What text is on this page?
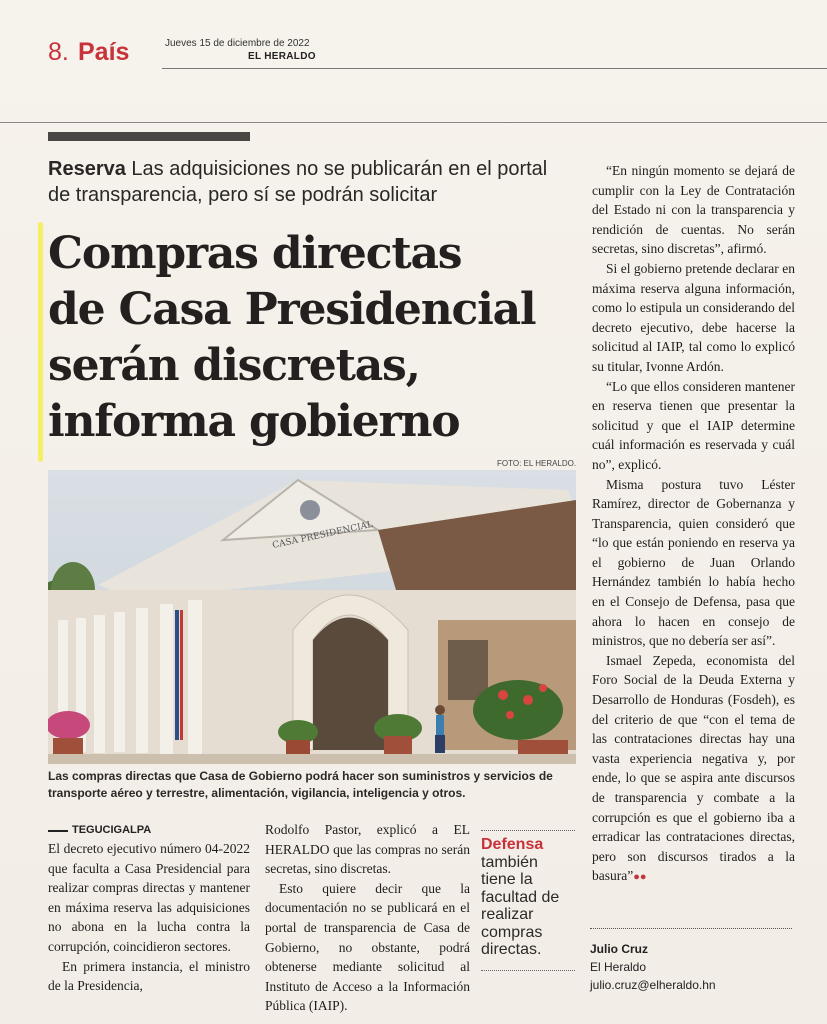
8. País	Jueves 15 de diciembre de 2022
EL HERALDO
Reserva Las adquisiciones no se publicarán en el portal de transparencia, pero sí se podrán solicitar
Compras directas
de Casa Presidencial
serán discretas,
informa gobierno
FOTO: EL HERALDO.
CASA PRESIDENCIAL
Las compras directas que Casa de Gobierno podrá hacer son suministros y servicios de transporte aéreo y terrestre, alimentación, vigilancia, inteligencia y otros.
TEGUCIGALPA

El decreto ejecutivo número 04-2022 que faculta a Casa Presidencial para realizar compras directas y mantener en máxima reserva las adquisiciones no abona en la lucha contra la corrupción, coincidieron sectores.

En primera instancia, el ministro de la Presidencia,

Rodolfo Pastor, explicó a EL HERALDO que las compras no serán secretas, sino discretas.

Esto quiere decir que la documentación no se publicará en el portal de transparencia de Casa de Gobierno, no obstante, podrá obtenerse mediante solicitud al Instituto de Acceso a la Información Pública (IAIP).

Defensa
también tiene la facultad de realizar compras directas.

“En ningún momento se dejará de cumplir con la Ley de Contratación del Estado ni con la transparencia y rendición de cuentas. No serán secretas, sino discretas”, afirmó.

Si el gobierno pretende declarar en máxima reserva alguna información, como lo estipula un considerando del decreto ejecutivo, debe hacerse la solicitud al IAIP, tal como lo explicó su titular, Ivonne Ardón.

“Lo que ellos consideren mantener en reserva tienen que presentar la solicitud y que el IAIP determine cuál información es reservada y cuál no”, explicó.

Misma postura tuvo Léster Ramírez, director de Gobernanza y Transparencia, quien consideró que “lo que están poniendo en reserva ya el gobierno de Juan Orlando Hernández también lo había hecho en el Consejo de Defensa, pasa que ahora lo hacen en consejo de ministros, que no debería ser así”.

Ismael Zepeda, economista del Foro Social de la Deuda Externa y Desarrollo de Honduras (Fosdeh), es del criterio de que “con el tema de las contrataciones directas hay una vasta experiencia negativa y, por ende, lo que se aspira ante discursos de transparencia y combate a la corrupción es que el gobierno iba a erradicar las contrataciones directas, pero son discursos tirados a la basura”●●

Julio Cruz
El Heraldo
julio.cruz@elheraldo.hn
